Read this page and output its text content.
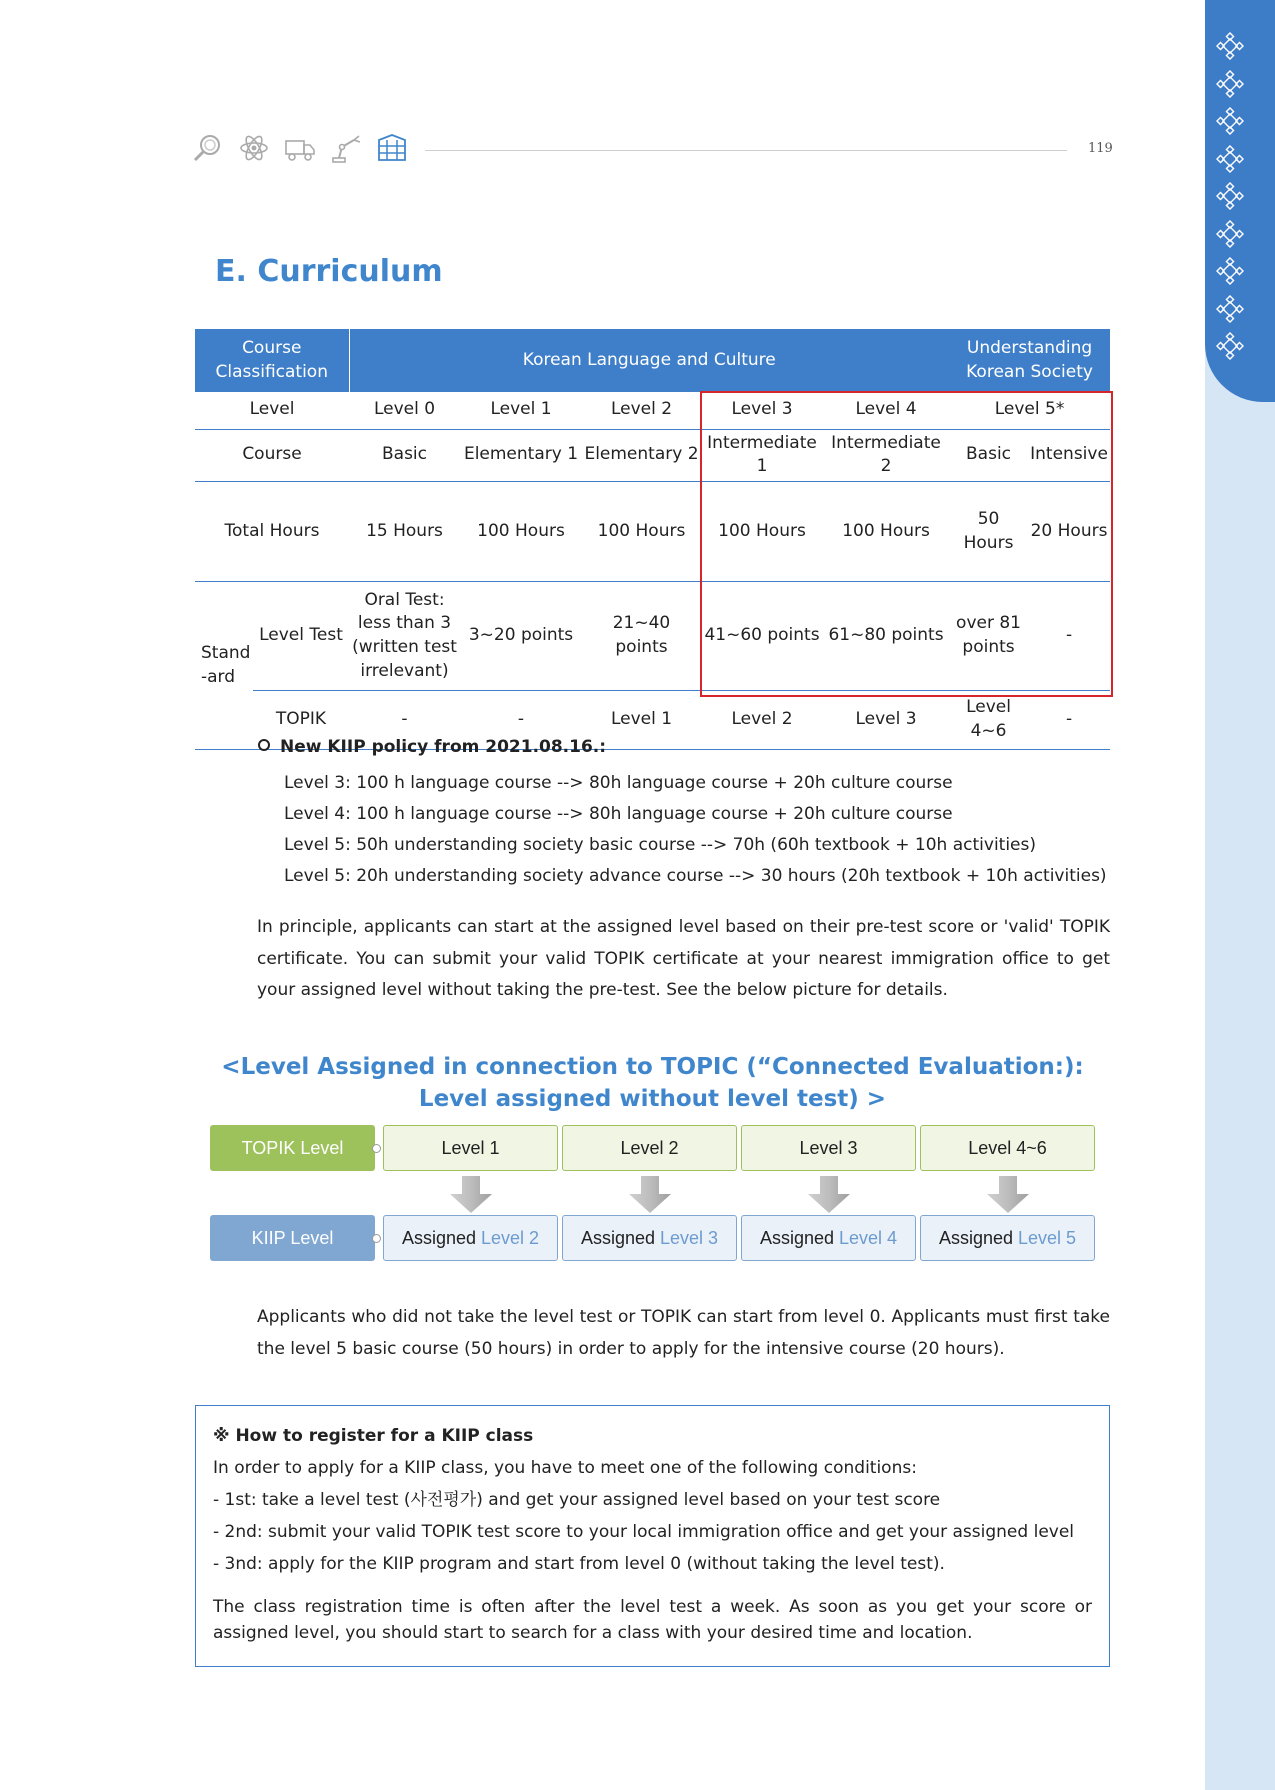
119
E. Curriculum
Course Classification		Korean Language and Culture					Understanding Korean Society	
Level		Level 0	Level 1	Level 2	Level 3	Level 4	Level 5*	
Course		Basic	Elementary 1	Elementary 2	Intermediate 1	Intermediate 2	Basic	Intensive
Total Hours		15 Hours	100 Hours	100 Hours	100 Hours	100 Hours	50 Hours	20 Hours
Stand -ard	Level Test	Oral Test: less than 3 (written test irrelevant)	3~20 points	21~40 points	41~60 points	61~80 points	over 81 points	-
	TOPIK	-	-	Level 1	Level 2	Level 3	Level 4~6	-
New KIIP policy from 2021.08.16.:
Level 3: 100 h language course --> 80h language course + 20h culture course
Level 4: 100 h language course --> 80h language course + 20h culture course
Level 5: 50h understanding society basic course --> 70h (60h textbook + 10h activities)
Level 5: 20h understanding society advance course --> 30 hours (20h textbook + 10h activities)
In principle, applicants can start at the assigned level based on their pre-test score or 'valid' TOPIK certificate. You can submit your valid TOPIK certificate at your nearest immigration office to get your assigned level without taking the pre-test. See the below picture for details.
<Level Assigned in connection to TOPIC (“Connected Evaluation:):
Level assigned without level test) >
TOPIK Level
KIIP Level
Level 1	Level 2	Level 3	Level 4~6
Assigned Level 2 Assigned Level 3 Assigned Level 4 Assigned Level 5
Applicants who did not take the level test or TOPIK can start from level 0. Applicants must first take the level 5 basic course (50 hours) in order to apply for the intensive course (20 hours).
※ How to register for a KIIP class
In order to apply for a KIIP class, you have to meet one of the following conditions:
- 1st: take a level test (사전평가) and get your assigned level based on your test score
- 2nd: submit your valid TOPIK test score to your local immigration office and get your assigned level
- 3nd: apply for the KIIP program and start from level 0 (without taking the level test).
The class registration time is often after the level test a week. As soon as you get your score or assigned level, you should start to search for a class with your desired time and location.
